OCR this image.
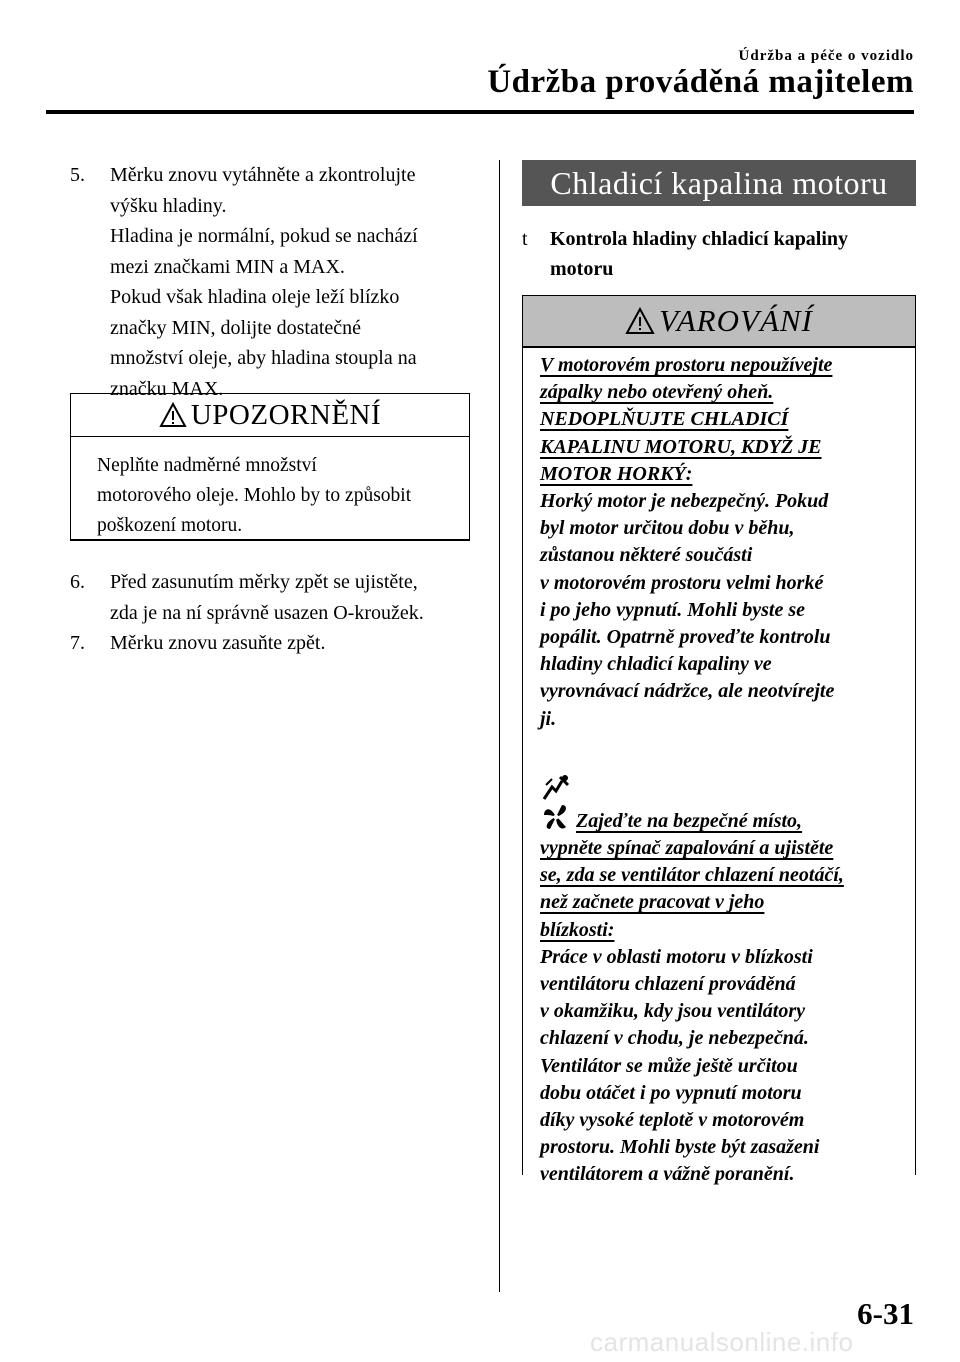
Údržba a péče o vozidlo
Údržba prováděná majitelem
5. Měrku znovu vytáhněte a zkontrolujte

výšku hladiny.

Hladina je normální, pokud se nachází

mezi značkami MIN a MAX.

Pokud však hladina oleje leží blízko

značky MIN, dolijte dostatečné

množství oleje, aby hladina stoupla na

značku MAX.

UPOZORNĚNÍ
Neplňte nadměrné množství
motorového oleje. Mohlo by to způsobit
poškození motoru.
6. Před zasunutím měrky zpět se ujistěte,

zda je na ní správně usazen O-kroužek.

7. Měrku znovu zasuňte zpět.

Chladicí kapalina motoru
t Kontrola hladiny chladicí kapaliny
motoru
VAROVÁNÍ
V motorovém prostoru nepoužívejte
zápalky nebo otevřený oheň.
NEDOPLŇUJTE CHLADICÍ
KAPALINU MOTORU, KDYŽ JE
MOTOR HORKÝ:
Horký motor je nebezpečný. Pokud
byl motor určitou dobu v běhu,
zůstanou některé součásti
v motorovém prostoru velmi horké
i po jeho vypnutí. Mohli byste se
popálit. Opatrně proveďte kontrolu
hladiny chladicí kapaliny ve
vyrovnávací nádržce, ale neotvírejte
ji.
Zajeďte na bezpečné místo,
vypněte spínač zapalování a ujistěte
se, zda se ventilátor chlazení neotáčí,
než začnete pracovat v jeho
blízkosti:
Práce v oblasti motoru v blízkosti
ventilátoru chlazení prováděná
v okamžiku, kdy jsou ventilátory
chlazení v chodu, je nebezpečná.
Ventilátor se může ještě určitou
dobu otáčet i po vypnutí motoru
díky vysoké teplotě v motorovém
prostoru. Mohli byste být zasaženi
ventilátorem a vážně poranění.
6-31
carmanualsonline.info
